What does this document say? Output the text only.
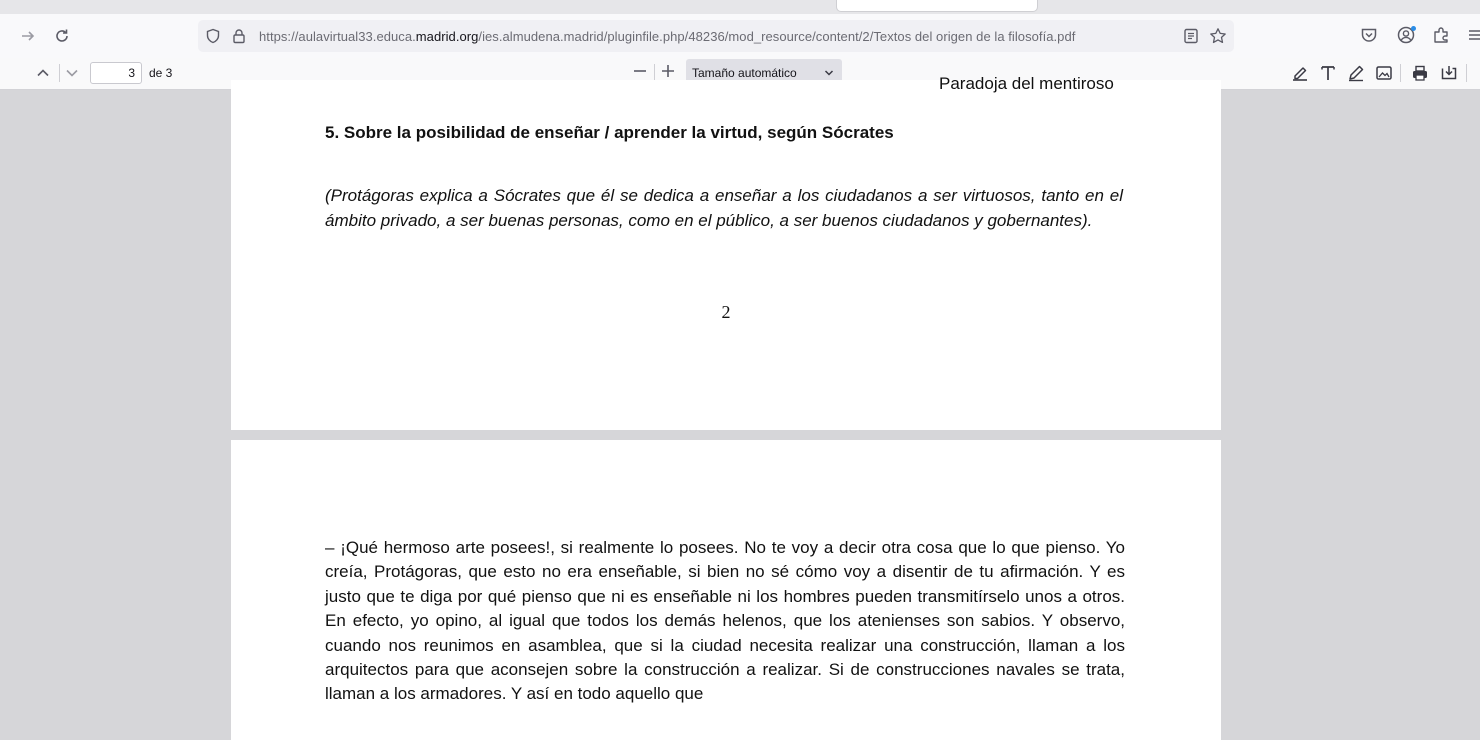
https://aulavirtual33.educa.madrid.org/ies.almudena.madrid/pluginfile.php/48236/mod_resource/content/2/Textos del origen de la filosofía.pdf
3	de 3	Tamaño automático
Paradoja del mentiroso
5. Sobre la posibilidad de enseñar / aprender la virtud, según Sócrates
(Protágoras explica a Sócrates que él se dedica a enseñar a los ciudadanos a ser virtuosos, tanto en el ámbito privado, a ser buenas personas, como en el público, a ser buenos ciudadanos y gobernantes).
2
– ¡Qué hermoso arte posees!, si realmente lo posees. No te voy a decir otra cosa que lo que pienso. Yo creía, Protágoras, que esto no era enseñable, si bien no sé cómo voy a disentir de tu afirmación. Y es justo que te diga por qué pienso que ni es enseñable ni los hombres pueden transmitírselo unos a otros. En efecto, yo opino, al igual que todos los demás helenos, que los atenienses son sabios. Y observo, cuando nos reunimos en asamblea, que si la ciudad necesita realizar una construcción, llaman a los arquitectos para que aconsejen sobre la construcción a realizar. Si de construcciones navales se trata, llaman a los armadores. Y así en todo aquello que
